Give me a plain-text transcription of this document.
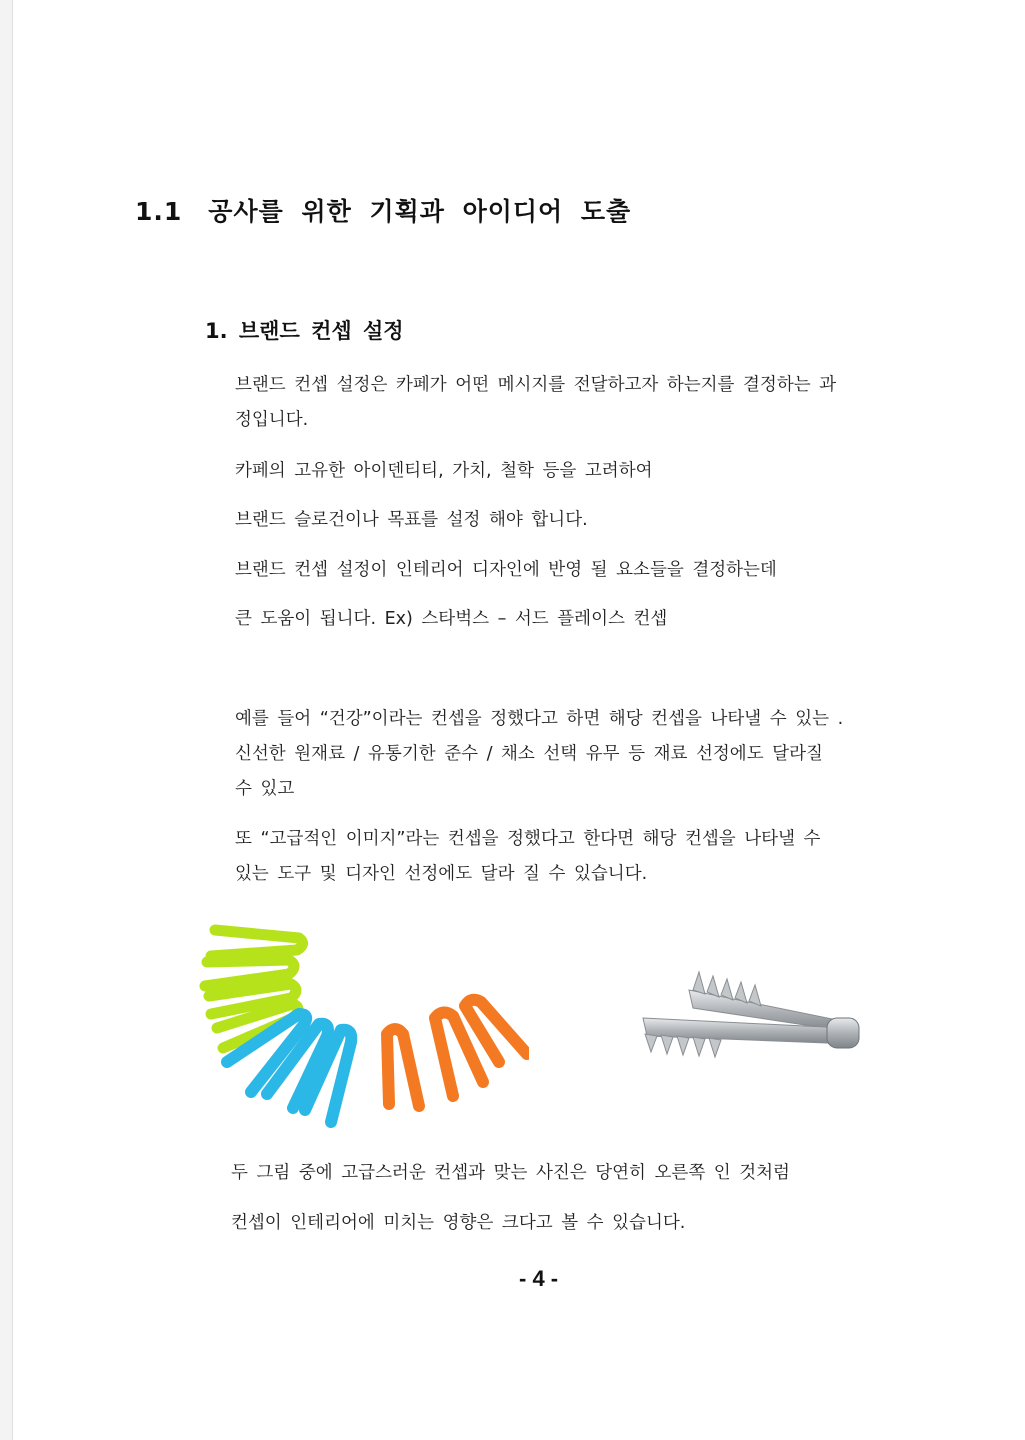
1.1 공사를 위한 기획과 아이디어 도출
1. 브랜드 컨셉 설정

브랜드 컨셉 설정은 카페가 어떤 메시지를 전달하고자 하는지를 결정하는 과
정입니다.

카페의 고유한 아이덴티티, 가치, 철학 등을 고려하여

브랜드 슬로건이나 목표를 설정 해야 합니다.

브랜드 컨셉 설정이 인테리어 디자인에 반영 될 요소들을 결정하는데

큰 도움이 됩니다. Ex) 스타벅스 – 서드 플레이스 컨셉

예를 들어 “건강”이라는 컨셉을 정했다고 하면 해당 컨셉을 나타낼 수 있는 .
신선한 원재료 / 유통기한 준수 / 채소 선택 유무 등 재료 선정에도 달라질
수 있고

또 “고급적인 이미지”라는 컨셉을 정했다고 한다면 해당 컨셉을 나타낼 수
있는 도구 및 디자인 선정에도 달라 질 수 있습니다.

두 그림 중에 고급스러운 컨셉과 맞는 사진은 당연히 오른쪽 인 것처럼

컨셉이 인테리어에 미치는 영향은 크다고 볼 수 있습니다.

- 4 -
